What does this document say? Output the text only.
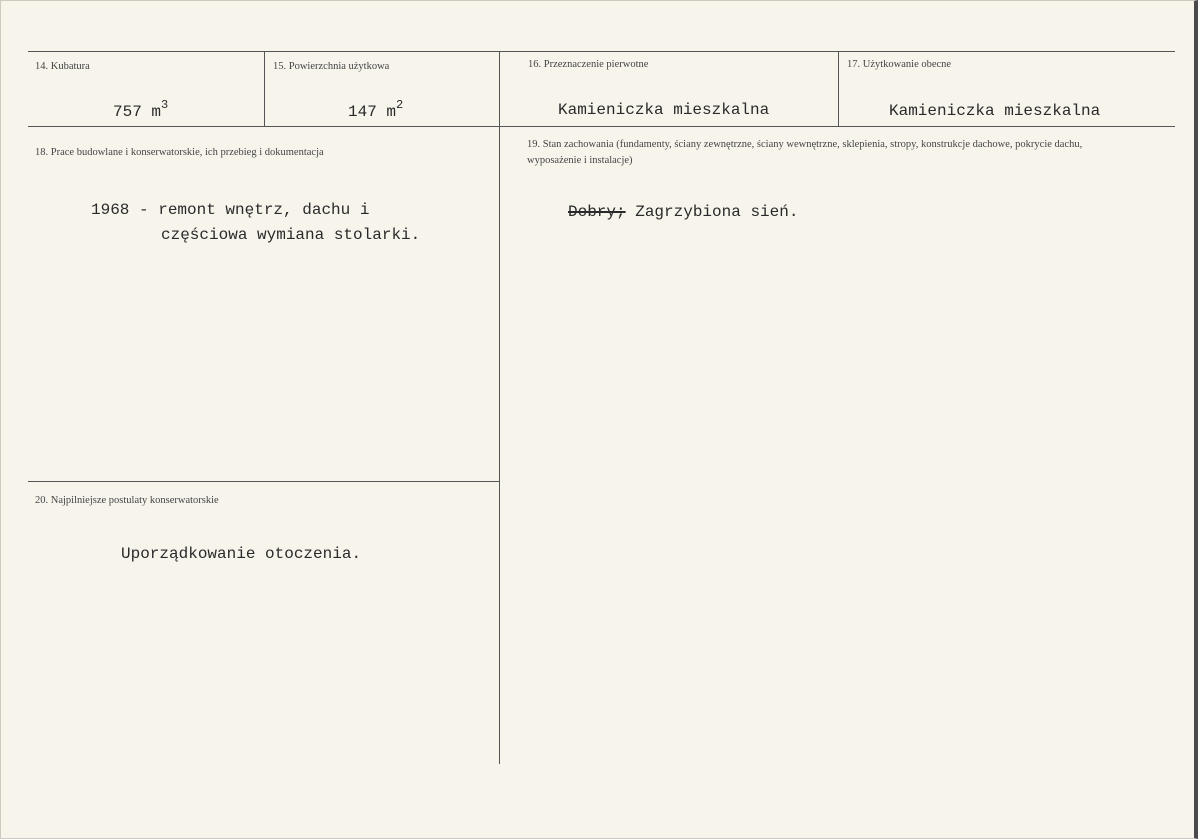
14. Kubatura
757 $m^3$
15. Powierzchnia użytkowa
147 $m^2$
16. Przeznaczenie pierwotne
Kamieniczka mieszkalna
17. Użytkowanie obecne
Kamieniczka mieszkalna
18. Prace budowlane i konserwatorskie, ich przebieg i dokumentacja
1968 - remont wnętrz, dachu i
częściowa wymiana stolarki.
19. Stan zachowania (fundamenty, ściany zewnętrzne, ściany wewnętrzne, sklepienia, stropy, konstrukcje dachowe, pokrycie dachu, wyposażenie i instalacje)
Dobry; Zagrzybiona sień.
20. Najpilniejsze postulaty konserwatorskie
Uporządkowanie otoczenia.
